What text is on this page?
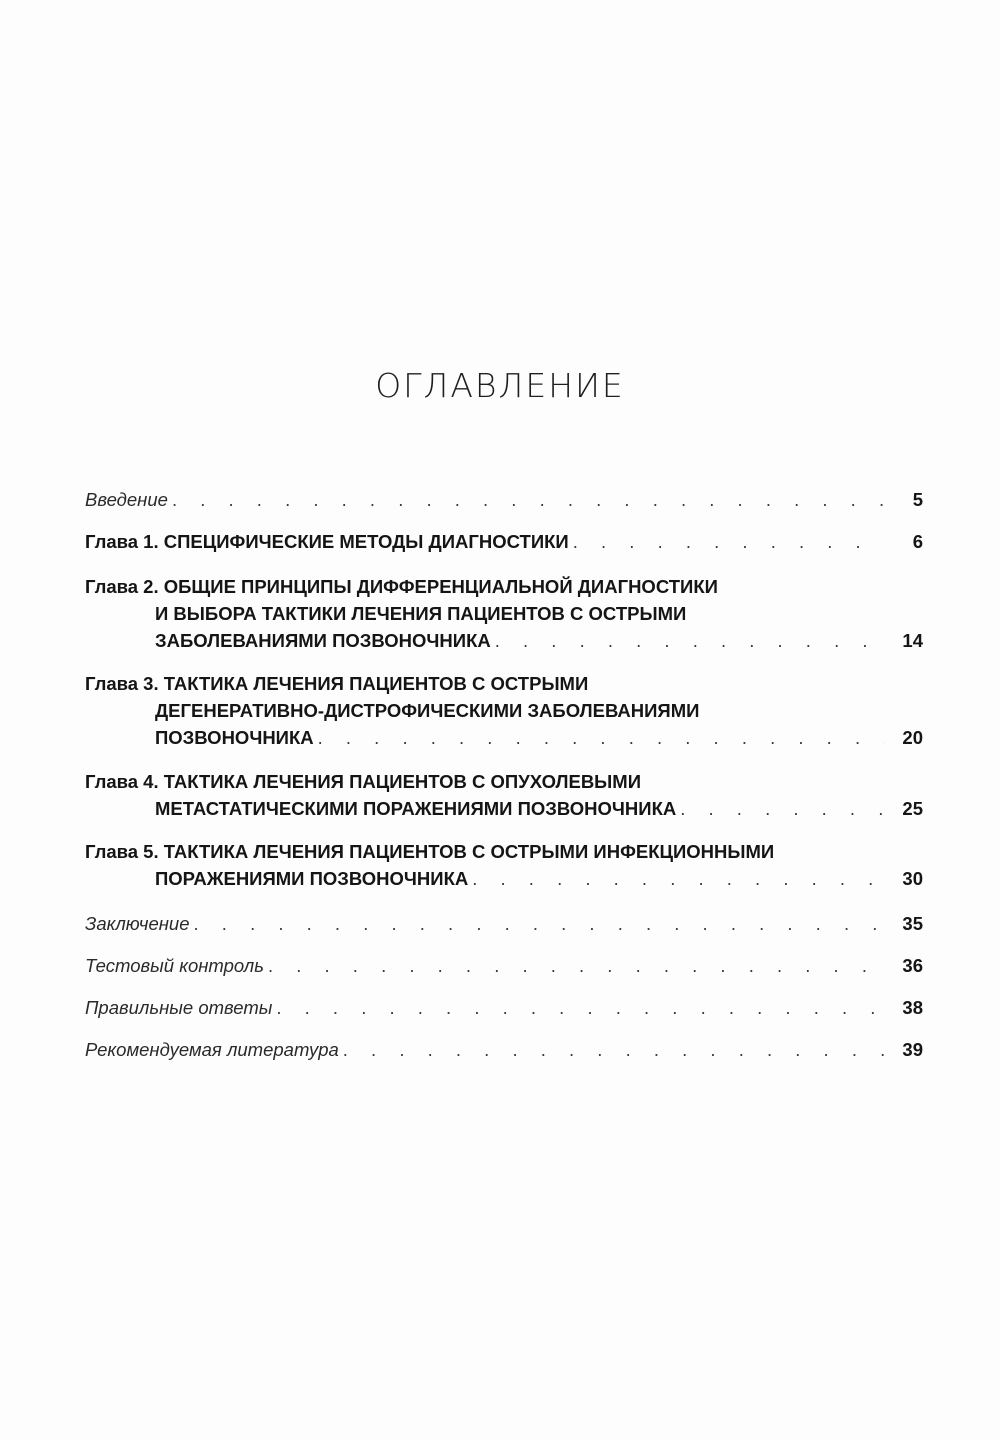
ОГЛАВЛЕНИЕ
Введение . . .	5
Глава 1. СПЕЦИФИЧЕСКИЕ МЕТОДЫ ДИАГНОСТИКИ . . .	6
Глава 2. ОБЩИЕ ПРИНЦИПЫ ДИФФЕРЕНЦИАЛЬНОЙ ДИАГНОСТИКИ
И ВЫБОРА ТАКТИКИ ЛЕЧЕНИЯ ПАЦИЕНТОВ С ОСТРЫМИ
ЗАБОЛЕВАНИЯМИ ПОЗВОНОЧНИКА . . .	14
Глава 3. ТАКТИКА ЛЕЧЕНИЯ ПАЦИЕНТОВ С ОСТРЫМИ
ДЕГЕНЕРАТИВНО-ДИСТРОФИЧЕСКИМИ ЗАБОЛЕВАНИЯМИ
ПОЗВОНОЧНИКА . . .	20
Глава 4. ТАКТИКА ЛЕЧЕНИЯ ПАЦИЕНТОВ С ОПУХОЛЕВЫМИ
МЕТАСТАТИЧЕСКИМИ ПОРАЖЕНИЯМИ ПОЗВОНОЧНИКА . . .	25
Глава 5. ТАКТИКА ЛЕЧЕНИЯ ПАЦИЕНТОВ С ОСТРЫМИ ИНФЕКЦИОННЫМИ
ПОРАЖЕНИЯМИ ПОЗВОНОЧНИКА . . .	30
Заключение . . .	35
Тестовый контроль . . .	36
Правильные ответы . . .	38
Рекомендуемая литература . . .	39
